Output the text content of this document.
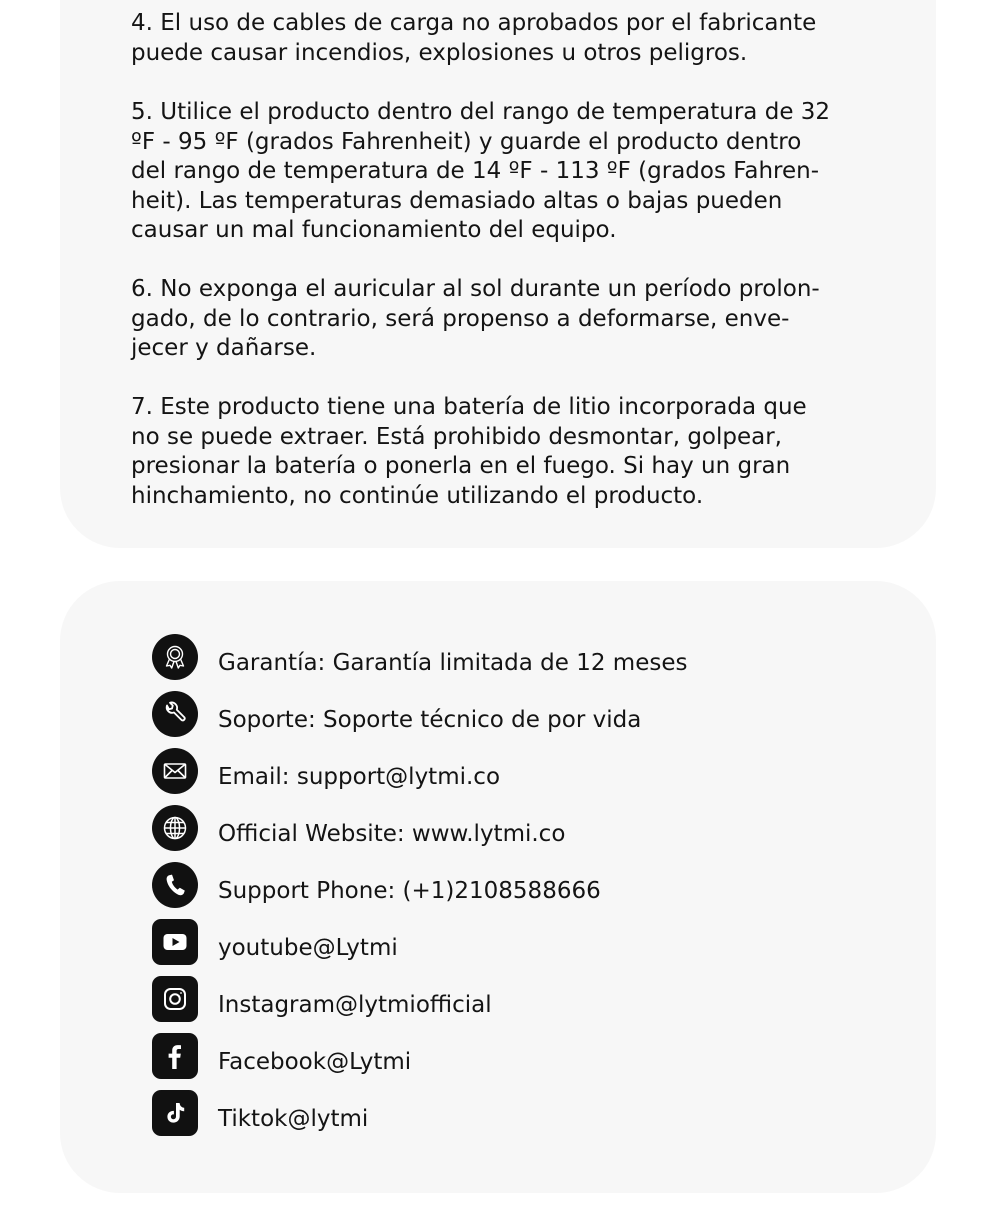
4. El uso de cables de carga no aprobados por el fabricante
puede causar incendios, explosiones u otros peligros.

5. Utilice el producto dentro del rango de temperatura de 32
ºF - 95 ºF (grados Fahrenheit) y guarde el producto dentro
del rango de temperatura de 14 ºF - 113 ºF (grados Fahren-
heit). Las temperaturas demasiado altas o bajas pueden
causar un mal funcionamiento del equipo.

6. No exponga el auricular al sol durante un período prolon-
gado, de lo contrario, será propenso a deformarse, enve-
jecer y dañarse.

7. Este producto tiene una batería de litio incorporada que
no se puede extraer. Está prohibido desmontar, golpear,
presionar la batería o ponerla en el fuego. Si hay un gran
hinchamiento, no continúe utilizando el producto.

Garantía: Garantía limitada de 12 meses
Soporte: Soporte técnico de por vida
Email: support@lytmi.co
Official Website: www.lytmi.co
Support Phone: (+1)2108588666
youtube@Lytmi
Instagram@lytmiofficial
Facebook@Lytmi
Tiktok@lytmi
